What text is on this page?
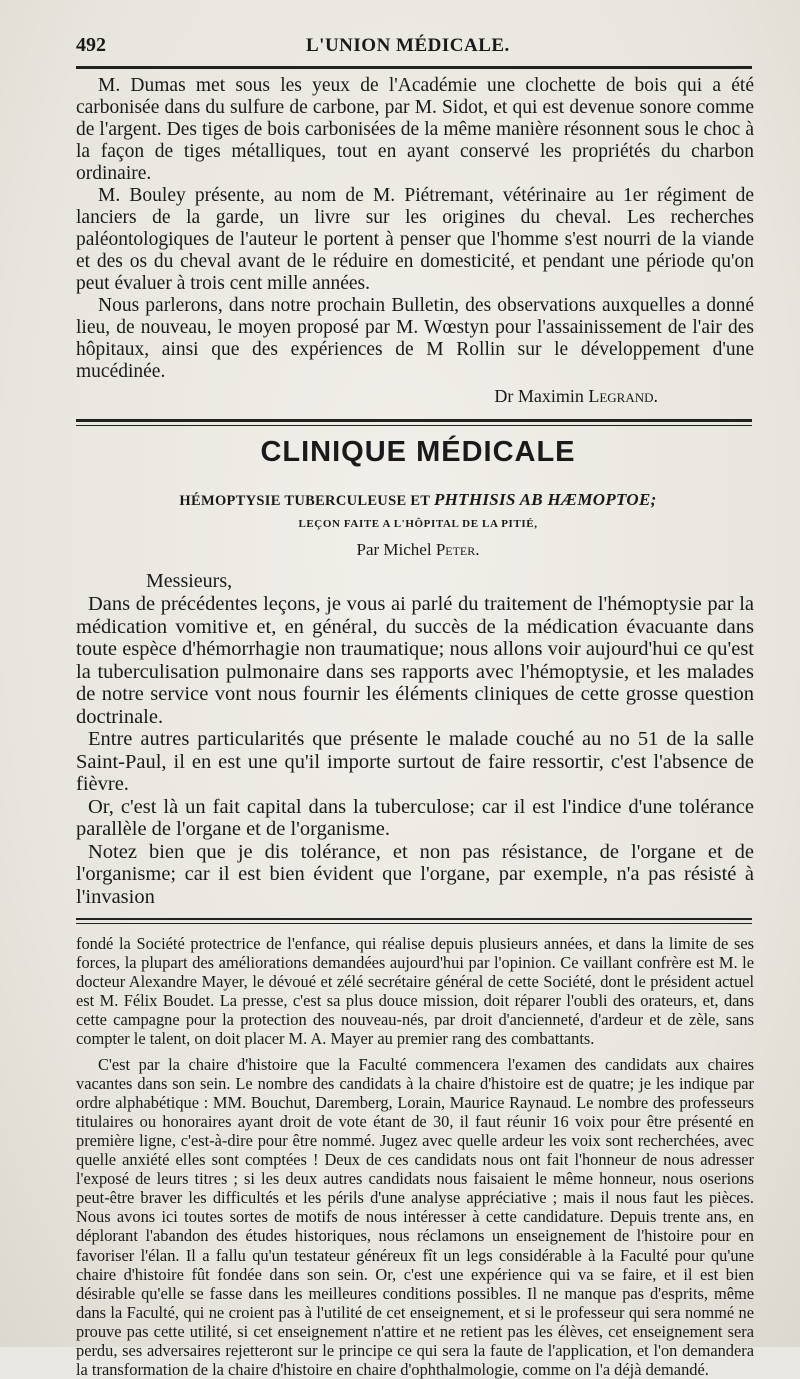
492	L'UNION MÉDICALE.

M. Dumas met sous les yeux de l'Académie une clochette de bois qui a été carbonisée dans du sulfure de carbone, par M. Sidot, et qui est devenue sonore comme de l'argent. Des tiges de bois carbonisées de la même manière résonnent sous le choc à la façon de tiges métalliques, tout en ayant conservé les propriétés du charbon ordinaire.

M. Bouley présente, au nom de M. Piétremant, vétérinaire au 1er régiment de lanciers de la garde, un livre sur les origines du cheval. Les recherches paléontologiques de l'auteur le portent à penser que l'homme s'est nourri de la viande et des os du cheval avant de le réduire en domesticité, et pendant une période qu'on peut évaluer à trois cent mille années.

Nous parlerons, dans notre prochain Bulletin, des observations auxquelles a donné lieu, de nouveau, le moyen proposé par M. Wœstyn pour l'assainissement de l'air des hôpitaux, ainsi que des expériences de M Rollin sur le développement d'une mucédinée.

Dr Maximin Legrand.
CLINIQUE MÉDICALE
HÉMOPTYSIE TUBERCULEUSE ET PHTHISIS AB HÆMOPTOE;
LEÇON FAITE A L'HÔPITAL DE LA PITIÉ,
Par Michel Peter.
Messieurs,

Dans de précédentes leçons, je vous ai parlé du traitement de l'hémoptysie par la médication vomitive et, en général, du succès de la médication évacuante dans toute espèce d'hémorrhagie non traumatique; nous allons voir aujourd'hui ce qu'est la tuberculisation pulmonaire dans ses rapports avec l'hémoptysie, et les malades de notre service vont nous fournir les éléments cliniques de cette grosse question doctrinale.

Entre autres particularités que présente le malade couché au no 51 de la salle Saint-Paul, il en est une qu'il importe surtout de faire ressortir, c'est l'absence de fièvre.

Or, c'est là un fait capital dans la tuberculose; car il est l'indice d'une tolérance parallèle de l'organe et de l'organisme.

Notez bien que je dis tolérance, et non pas résistance, de l'organe et de l'organisme; car il est bien évident que l'organe, par exemple, n'a pas résisté à l'invasion

fondé la Société protectrice de l'enfance, qui réalise depuis plusieurs années, et dans la limite de ses forces, la plupart des améliorations demandées aujourd'hui par l'opinion. Ce vaillant confrère est M. le docteur Alexandre Mayer, le dévoué et zélé secrétaire général de cette Société, dont le président actuel est M. Félix Boudet. La presse, c'est sa plus douce mission, doit réparer l'oubli des orateurs, et, dans cette campagne pour la protection des nouveau-nés, par droit d'ancienneté, d'ardeur et de zèle, sans compter le talent, on doit placer M. A. Mayer au premier rang des combattants.

C'est par la chaire d'histoire que la Faculté commencera l'examen des candidats aux chaires vacantes dans son sein. Le nombre des candidats à la chaire d'histoire est de quatre; je les indique par ordre alphabétique : MM. Bouchut, Daremberg, Lorain, Maurice Raynaud. Le nombre des professeurs titulaires ou honoraires ayant droit de vote étant de 30, il faut réunir 16 voix pour être présenté en première ligne, c'est-à-dire pour être nommé. Jugez avec quelle ardeur les voix sont recherchées, avec quelle anxiété elles sont comptées ! Deux de ces candidats nous ont fait l'honneur de nous adresser l'exposé de leurs titres ; si les deux autres candidats nous faisaient le même honneur, nous oserions peut-être braver les difficultés et les périls d'une analyse appréciative ; mais il nous faut les pièces. Nous avons ici toutes sortes de motifs de nous intéresser à cette candidature. Depuis trente ans, en déplorant l'abandon des études historiques, nous réclamons un enseignement de l'histoire pour en favoriser l'élan. Il a fallu qu'un testateur généreux fît un legs considérable à la Faculté pour qu'une chaire d'histoire fût fondée dans son sein. Or, c'est une expérience qui va se faire, et il est bien désirable qu'elle se fasse dans les meilleures conditions possibles. Il ne manque pas d'esprits, même dans la Faculté, qui ne croient pas à l'utilité de cet enseignement, et si le professeur qui sera nommé ne prouve pas cette utilité, si cet enseignement n'attire et ne retient pas les élèves, cet enseignement sera perdu, ses adversaires rejetteront sur le principe ce qui sera la faute de l'application, et l'on demandera la transformation de la chaire d'histoire en chaire d'ophthalmologie, comme on l'a déjà demandé.
